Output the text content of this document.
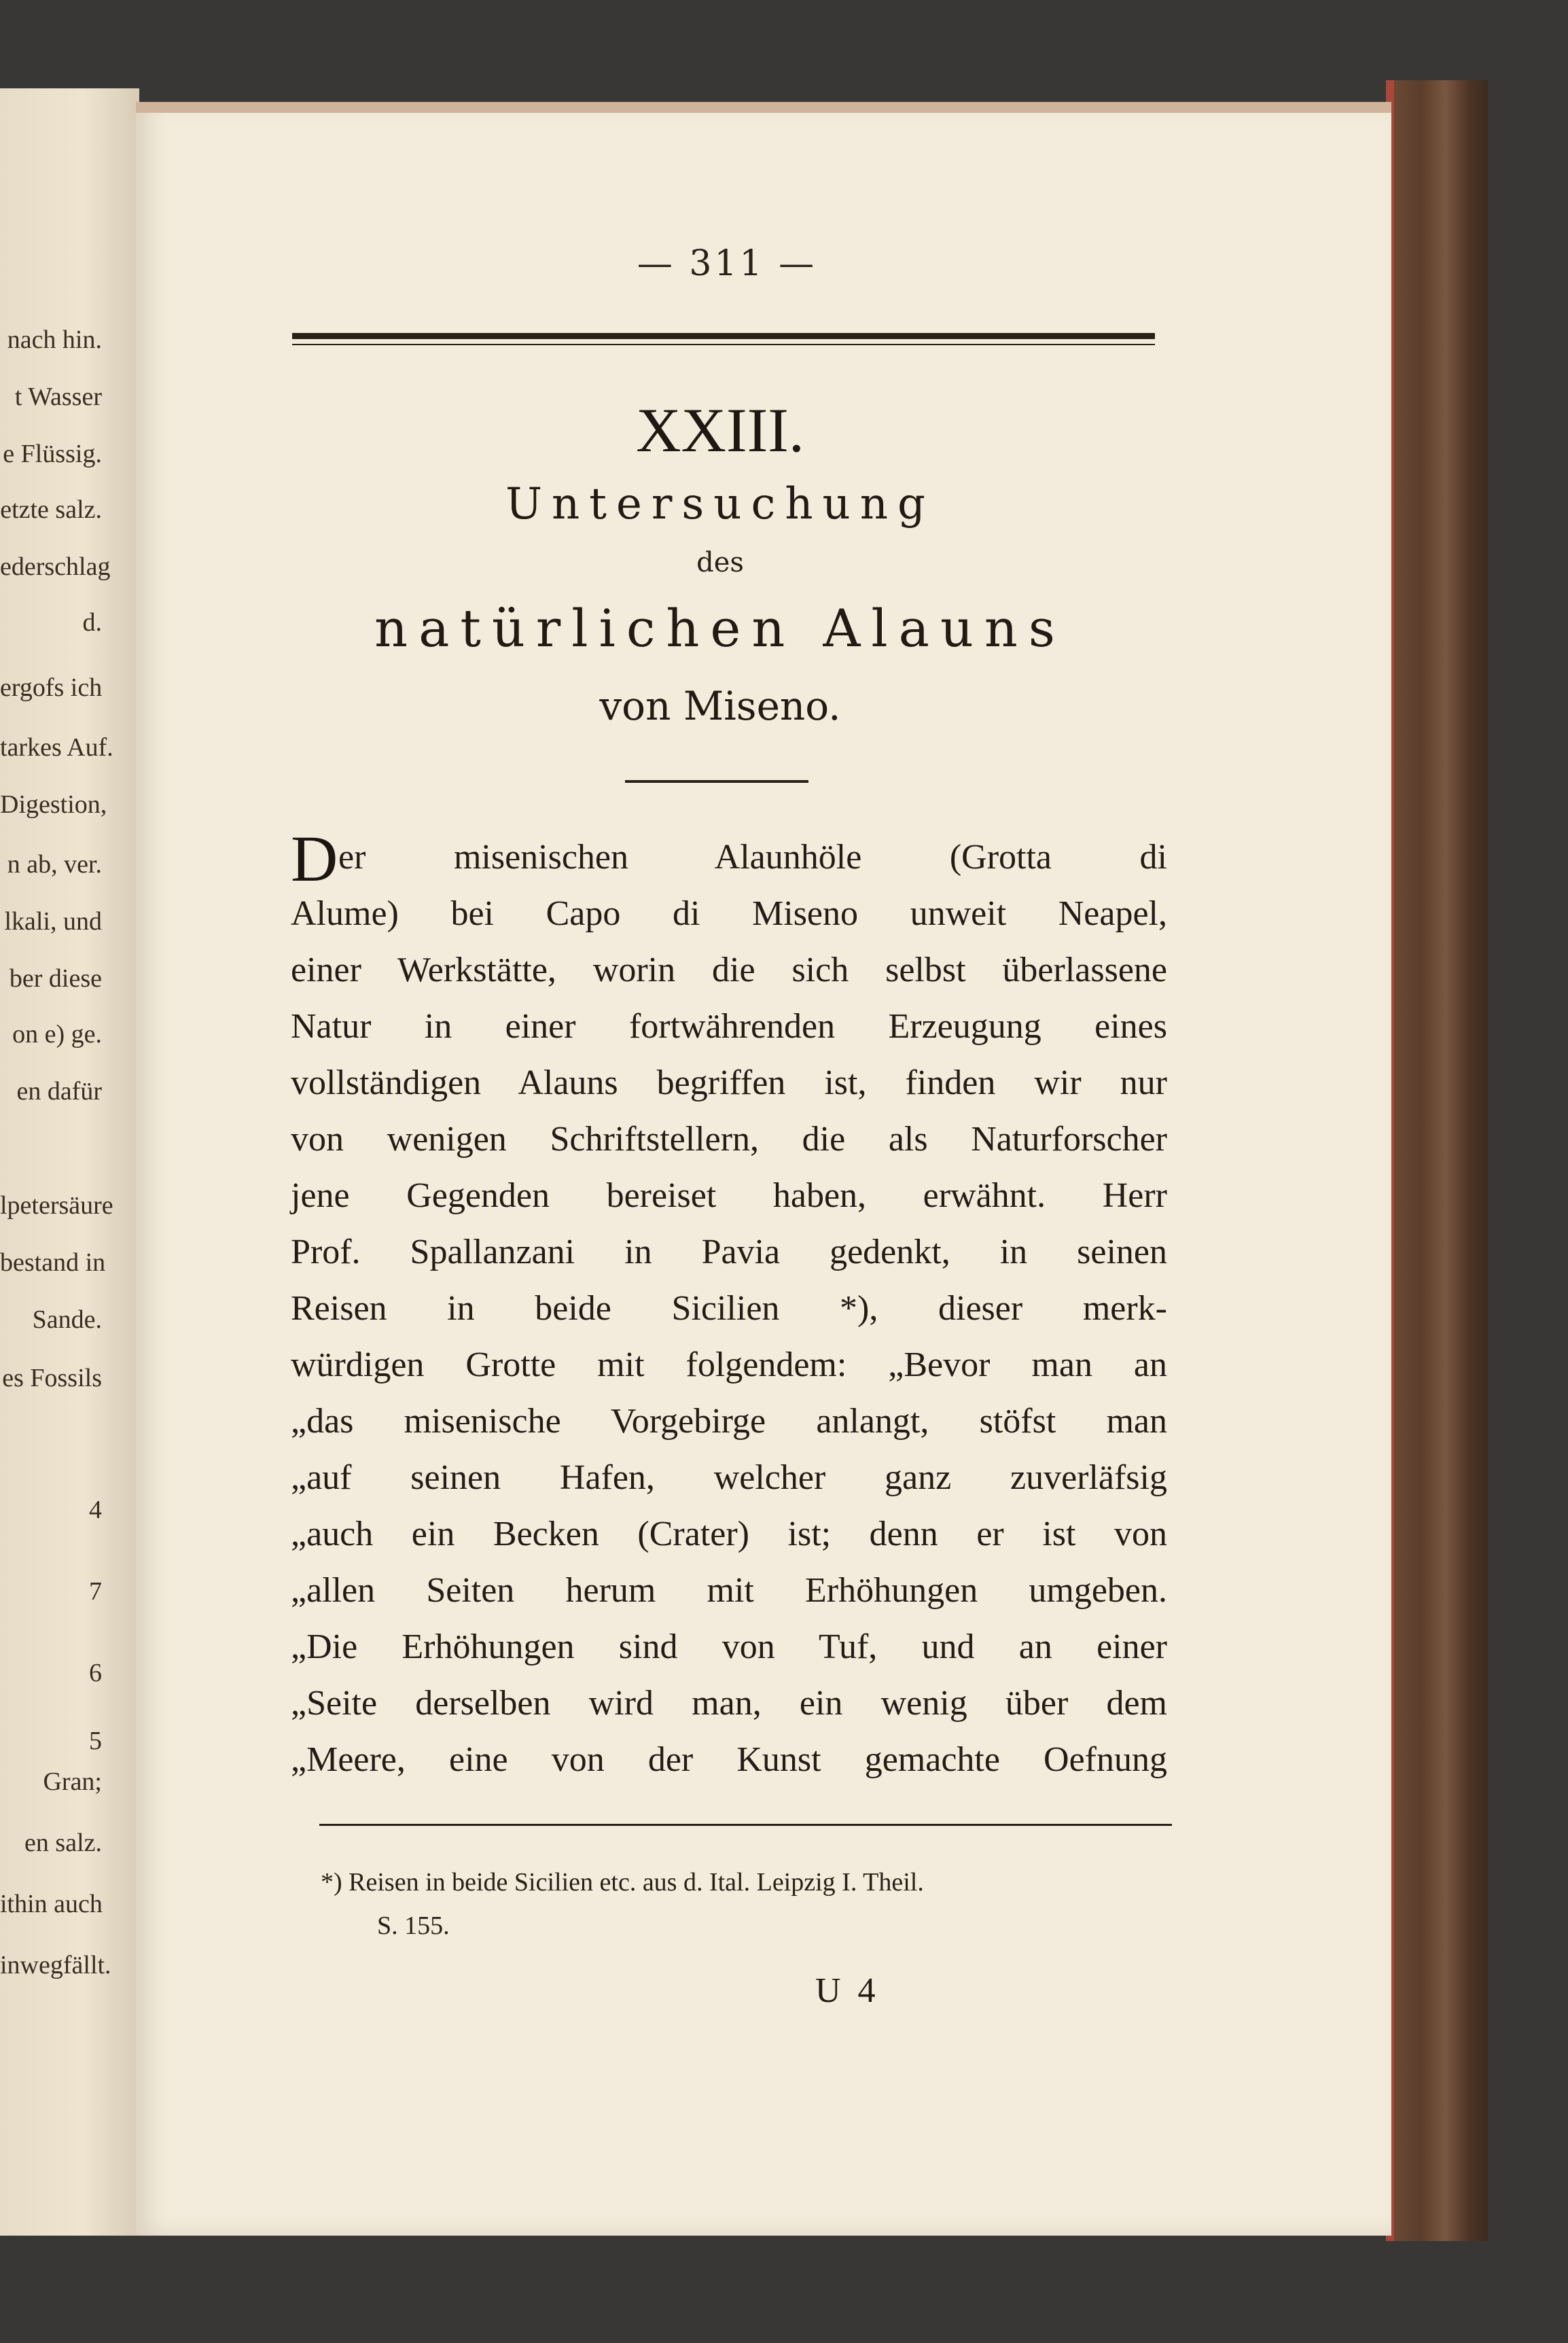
nach hin.
t Wasser
e Flüssig.
etzte salz.
ederschlag
d.
ergofs ich
tarkes Auf.
Digestion,
n ab, ver.
lkali, und
ber diese
on e) ge.
en dafür
lpetersäure
bestand in
Sande.
es Fossils
4
7
6
5
Gran;
en salz.
ithin auch
inwegfällt.
— 311 —
XXIII.
Untersuchung
des
natürlichen Alauns
von Miseno.
D er misenischen Alaunhöle (Grotta di
Alume) bei Capo di Miseno unweit Neapel,
einer Werkstätte, worin die sich selbst überlassene
Natur in einer fortwährenden Erzeugung eines
vollständigen Alauns begriffen ist, finden wir nur
von wenigen Schriftstellern, die als Naturforscher
jene Gegenden bereiset haben, erwähnt. Herr
Prof. Spallanzani in Pavia gedenkt, in seinen
Reisen in beide Sicilien *), dieser merk-
würdigen Grotte mit folgendem: „Bevor man an
„das misenische Vorgebirge anlangt, stöfst man
„auf seinen Hafen, welcher ganz zuverläfsig
„auch ein Becken (Crater) ist; denn er ist von
„allen Seiten herum mit Erhöhungen umgeben.
„Die Erhöhungen sind von Tuf, und an einer
„Seite derselben wird man, ein wenig über dem
„Meere, eine von der Kunst gemachte Oefnung
*) Reisen in beide Sicilien etc. aus d. Ital. Leipzig I. Theil.
S. 155.
U 4
